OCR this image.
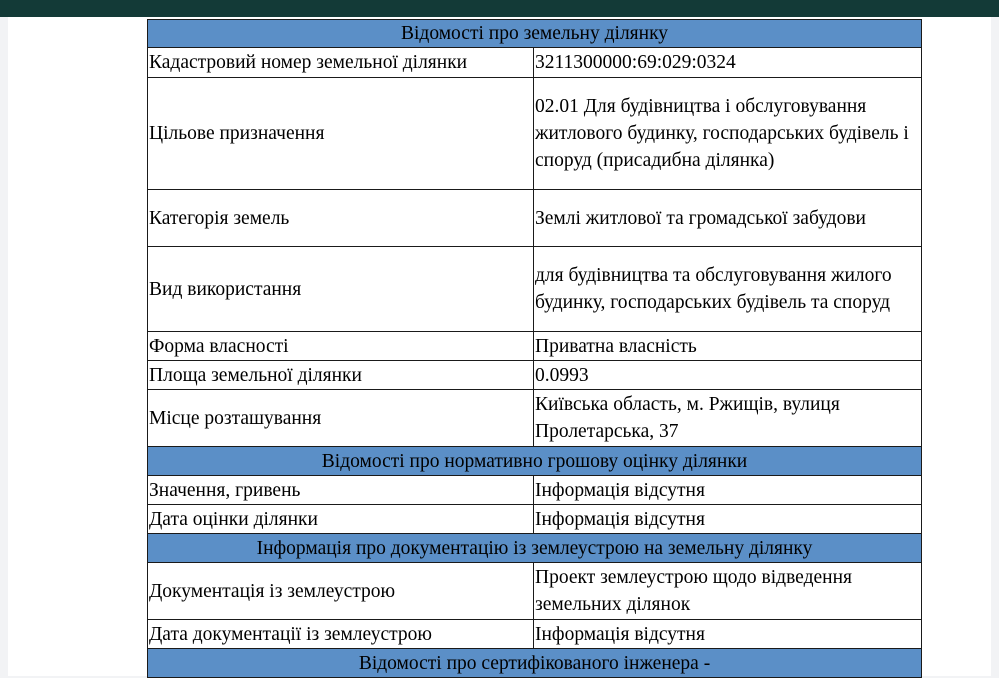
Відомості про земельну ділянку	
Кадастровий номер земельної ділянки	3211300000:69:029:0324
Цільове призначення	02.01 Для будівництва і обслуговування житлового будинку, господарських будівель і споруд (присадибна ділянка)
Категорія земель	Землі житлової та громадської забудови
Вид використання	для будівництва та обслуговування жилого будинку, господарських будівель та споруд
Форма власності	Приватна власність
Площа земельної ділянки	0.0993
Місце розташування	Київська область, м. Ржищів, вулиця Пролетарська, 37
Відомості про нормативно грошову оцінку ділянки	
Значення, гривень	Інформація відсутня
Дата оцінки ділянки	Інформація відсутня
Інформація про документацію із землеустрою на земельну ділянку	
Документація із землеустрою	Проект землеустрою щодо відведення земельних ділянок
Дата документації із землеустрою	Інформація відсутня
Відомості про сертифікованого інженера -	
